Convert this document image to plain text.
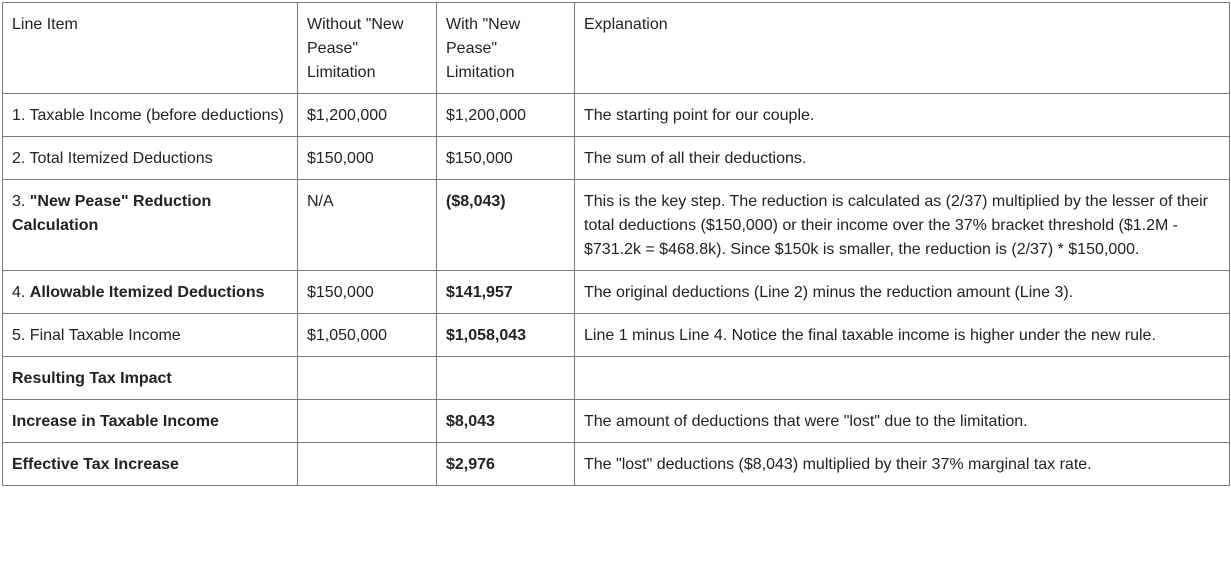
Line Item	Without "New
Pease"
Limitation	With "New
Pease"
Limitation	Explanation
1. Taxable Income (before deductions)	$1,200,000	$1,200,000	The starting point for our couple.
2. Total Itemized Deductions	$150,000	$150,000	The sum of all their deductions.
3. "New Pease" Reduction Calculation	N/A	($8,043)	This is the key step. The reduction is calculated as (2/37) multiplied by the lesser of their total deductions ($150,000) or their income over the 37% bracket threshold ($1.2M - $731.2k = $468.8k). Since $150k is smaller, the reduction is (2/37) * $150,000.
4. Allowable Itemized Deductions	$150,000	$141,957	The original deductions (Line 2) minus the reduction amount (Line 3).
5. Final Taxable Income	$1,050,000	$1,058,043	Line 1 minus Line 4. Notice the final taxable income is higher under the new rule.
Resulting Tax Impact			
Increase in Taxable Income		$8,043	The amount of deductions that were "lost" due to the limitation.
Effective Tax Increase		$2,976	The "lost" deductions ($8,043) multiplied by their 37% marginal tax rate.
